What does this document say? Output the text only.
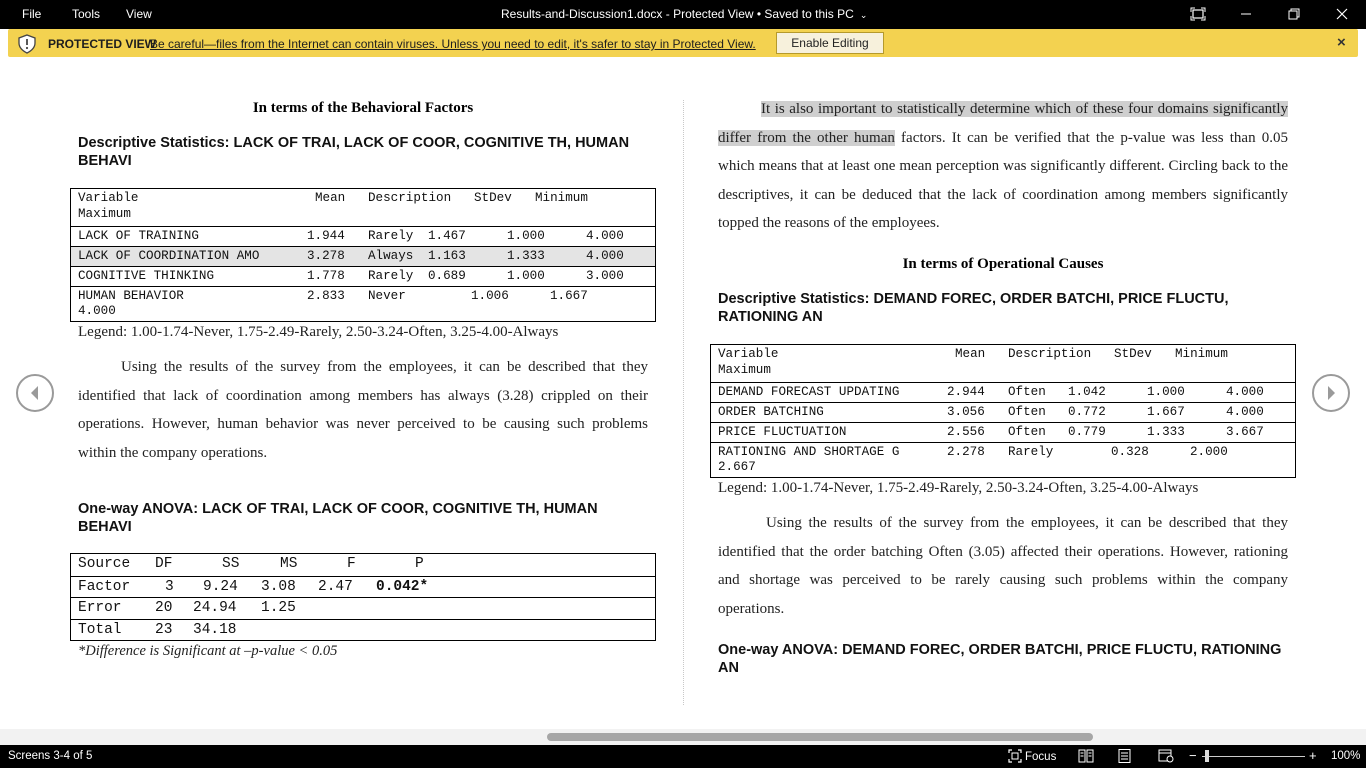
File	Tools View	Results-and-Discussion1.docx - Protected View • Saved to this PC ⌄
PROTECTED VIEW
Be careful—files from the Internet can contain viruses. Unless you need to edit, it's safer to stay in Protected View.	Enable Editing	×
In terms of the Behavioral Factors
Descriptive Statistics: LACK OF TRAI, LACK OF COOR, COGNITIVE TH, HUMAN BEHAVI
Variable	Mean Description StDev Minimum
Maximum
LACK OF TRAINING	1.944 Rarely 1.467	1.000	4.000
LACK OF COORDINATION AMO	3.278 Always 1.163	1.333	4.000
COGNITIVE THINKING	1.778 Rarely 0.689	1.000	3.000
HUMAN BEHAVIOR	2.833 Never	1.006	1.667
4.000
Legend: 1.00-1.74-Never, 1.75-2.49-Rarely, 2.50-3.24-Often, 3.25-4.00-Always
Using the results of the survey from the employees, it can be described that they identified that lack of coordination among members has always (3.28) crippled on their operations. However, human behavior was never perceived to be causing such problems within the company operations.
One-way ANOVA: LACK OF TRAI, LACK OF COOR, COGNITIVE TH, HUMAN BEHAVI
Source DF	SS	MS	F	P
Factor 3 9.24 3.08 2.47 0.042*
Error 20 24.94 1.25
Total 23 34.18
*Difference is Significant at –p-value < 0.05
It is also important to statistically determine which of these four domains significantly differ from the other human factors. It can be verified that the p-value was less than 0.05 which means that at least one mean perception was significantly different. Circling back to the descriptives, it can be deduced that the lack of coordination among members significantly topped the reasons of the employees.
In terms of Operational Causes
Descriptive Statistics: DEMAND FOREC, ORDER BATCHI, PRICE FLUCTU, RATIONING AN
Variable	Mean Description StDev Minimum
Maximum
DEMAND FORECAST UPDATING	2.944 Often 1.042	1.000	4.000
ORDER BATCHING	3.056 Often 0.772	1.667	4.000
PRICE FLUCTUATION	2.556 Often 0.779	1.333	3.667
RATIONING AND SHORTAGE G	2.278 Rarely	0.328	2.000
2.667
Legend: 1.00-1.74-Never, 1.75-2.49-Rarely, 2.50-3.24-Often, 3.25-4.00-Always
Using the results of the survey from the employees, it can be described that they identified that the order batching Often (3.05) affected their operations. However, rationing and shortage was perceived to be rarely causing such problems within the company operations.
One-way ANOVA: DEMAND FOREC, ORDER BATCHI, PRICE FLUCTU, RATIONING AN
Screens 3-4 of 5	Focus	−	+ 100%
